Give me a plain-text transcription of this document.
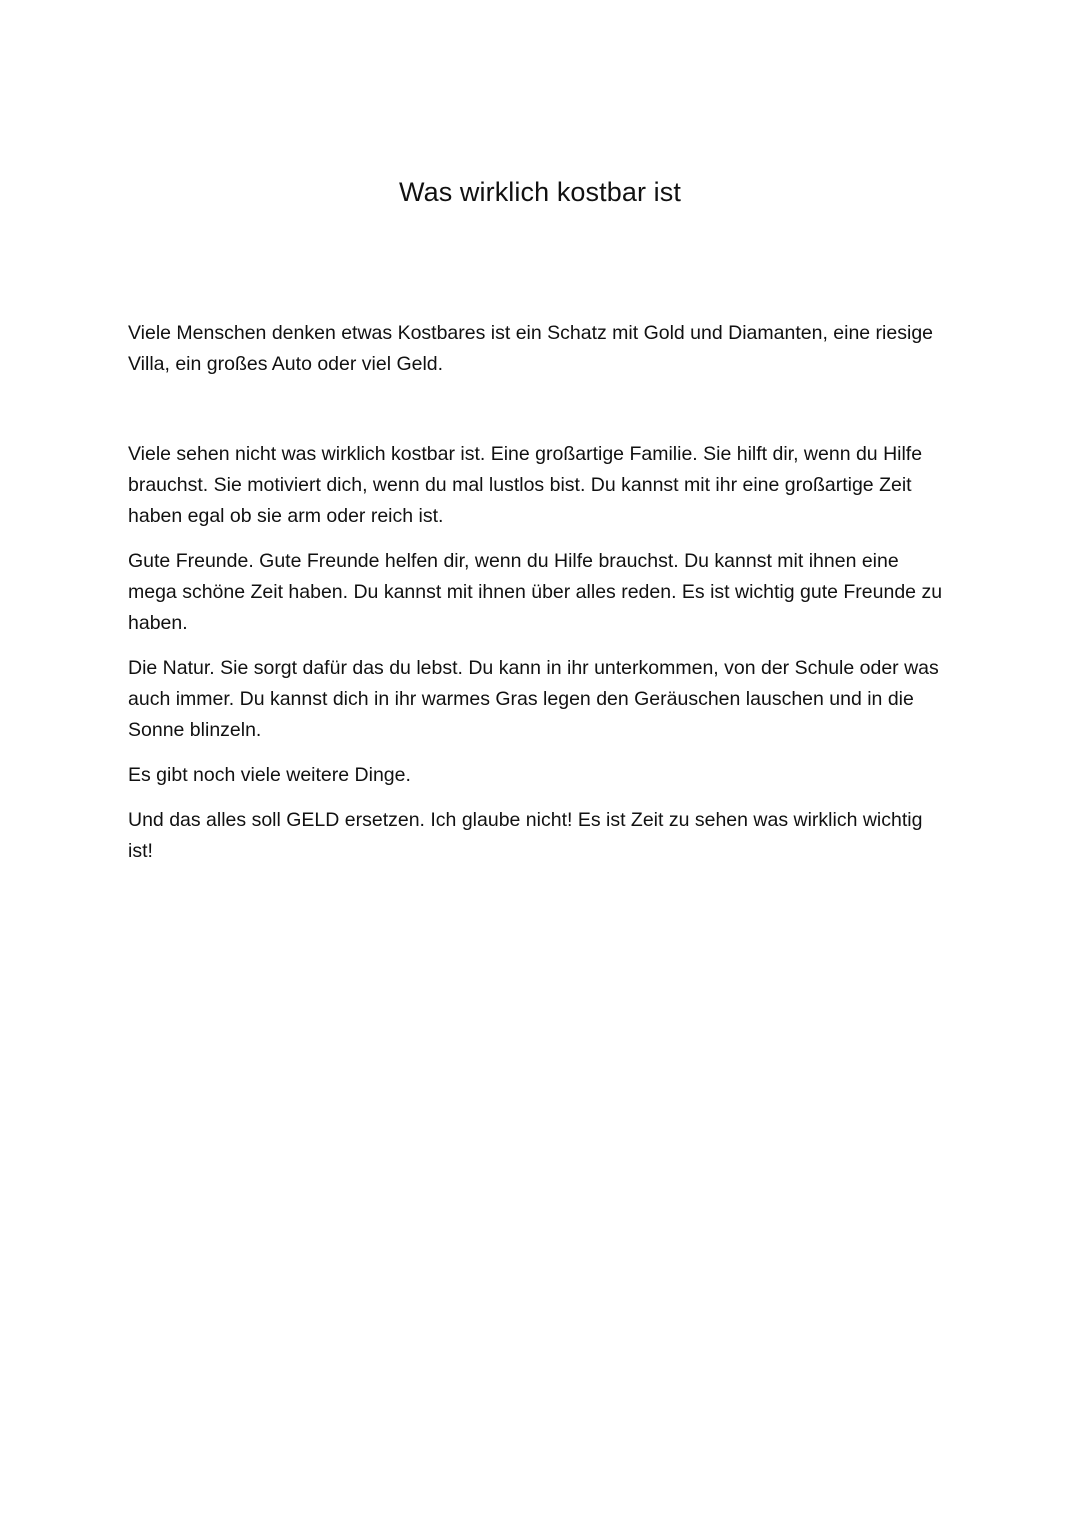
Was wirklich kostbar ist

Viele Menschen denken etwas Kostbares ist ein Schatz mit Gold und Diamanten, eine riesige Villa, ein großes Auto oder viel Geld.

Viele sehen nicht was wirklich kostbar ist. Eine großartige Familie. Sie hilft dir, wenn du Hilfe brauchst. Sie motiviert dich, wenn du mal lustlos bist. Du kannst mit ihr eine großartige Zeit haben egal ob sie arm oder reich ist.

Gute Freunde. Gute Freunde helfen dir, wenn du Hilfe brauchst. Du kannst mit ihnen eine mega schöne Zeit haben. Du kannst mit ihnen über alles reden. Es ist wichtig gute Freunde zu haben.

Die Natur. Sie sorgt dafür das du lebst. Du kann in ihr unterkommen, von der Schule oder was auch immer. Du kannst dich in ihr warmes Gras legen den Geräuschen lauschen und in die Sonne blinzeln.

Es gibt noch viele weitere Dinge.

Und das alles soll GELD ersetzen. Ich glaube nicht! Es ist Zeit zu sehen was wirklich wichtig ist!
